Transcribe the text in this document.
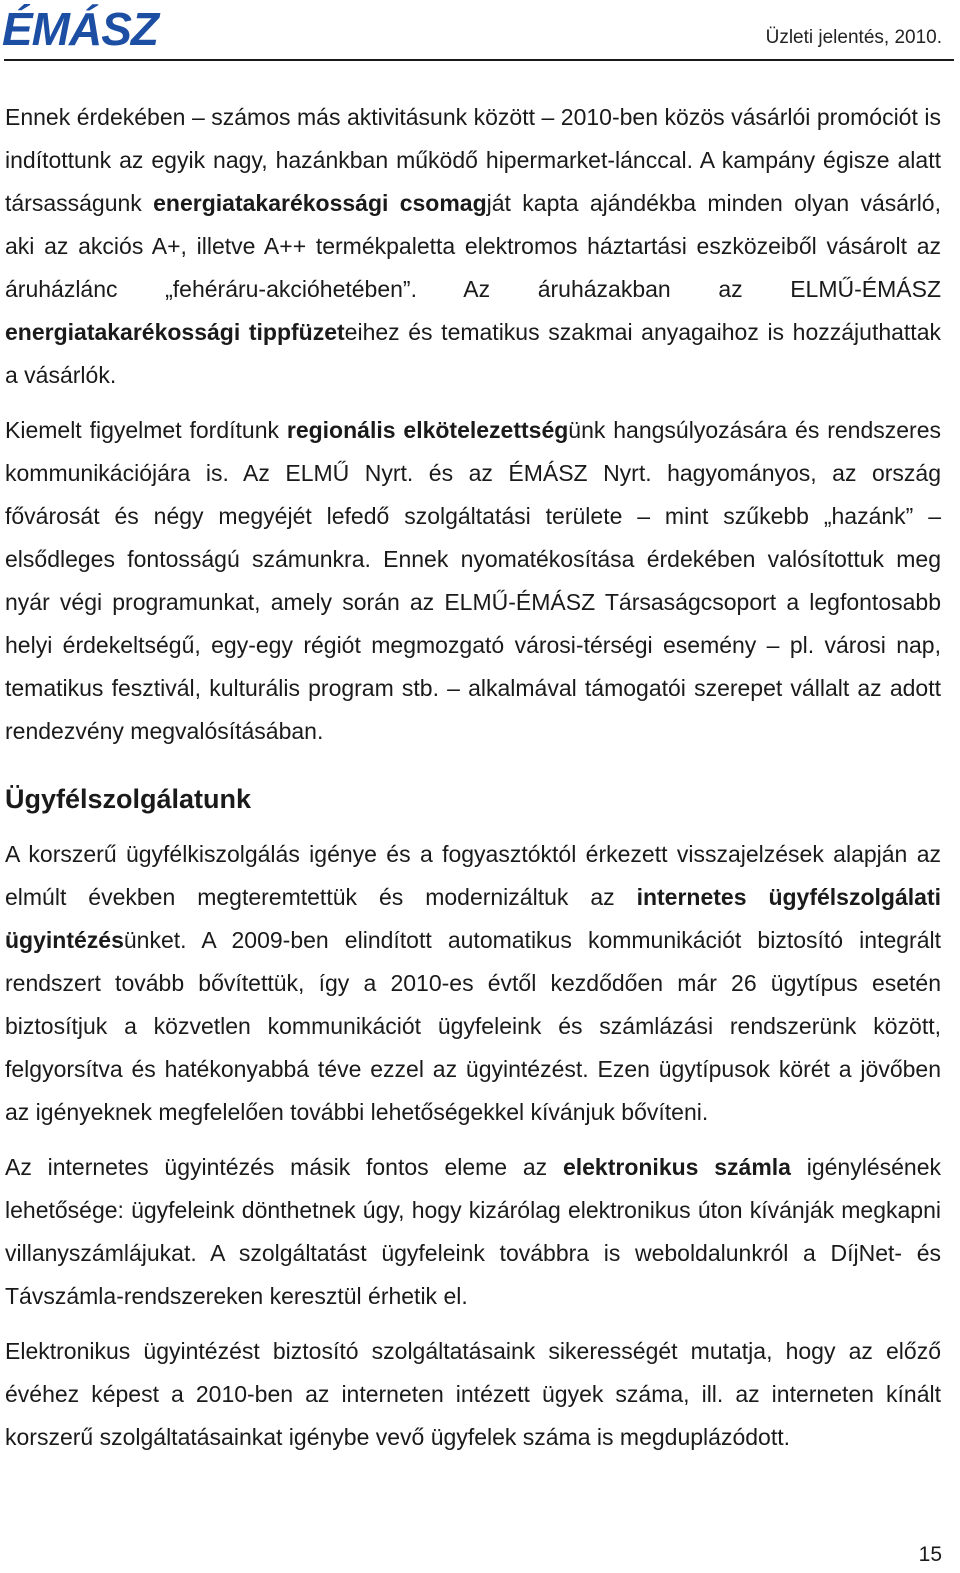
ÉMÁSZ	Üzleti jelentés, 2010.

Ennek érdekében – számos más aktivitásunk között – 2010-ben közös vásárlói promóciót is indítottunk az egyik nagy, hazánkban működő hipermarket-lánccal. A kampány égisze alatt társasságunk energiatakarékossági csomagját kapta ajándékba minden olyan vásárló, aki az akciós A+, illetve A++ termékpaletta elektromos háztartási eszközeiből vásárolt az áruházlánc „fehéráru-akcióhetében”. Az áruházakban az ELMŰ-ÉMÁSZ energiatakarékossági tippfüzeteihez és tematikus szakmai anyagaihoz is hozzájuthattak a vásárlók.

Kiemelt figyelmet fordítunk regionális elkötelezettségünk hangsúlyozására és rendszeres kommunikációjára is. Az ELMŰ Nyrt. és az ÉMÁSZ Nyrt. hagyományos, az ország fővárosát és négy megyéjét lefedő szolgáltatási területe – mint szűkebb „hazánk” – elsődleges fontosságú számunkra. Ennek nyomatékosítása érdekében valósítottuk meg nyár végi programunkat, amely során az ELMŰ-ÉMÁSZ Társaságcsoport a legfontosabb helyi érdekeltségű, egy-egy régiót megmozgató városi-térségi esemény – pl. városi nap, tematikus fesztivál, kulturális program stb. – alkalmával támogatói szerepet vállalt az adott rendezvény megvalósításában.

Ügyfélszolgálatunk

A korszerű ügyfélkiszolgálás igénye és a fogyasztóktól érkezett visszajelzések alapján az elmúlt években megteremtettük és modernizáltuk az internetes ügyfélszolgálati ügyintézésünket. A 2009-ben elindított automatikus kommunikációt biztosító integrált rendszert tovább bővítettük, így a 2010-es évtől kezdődően már 26 ügytípus esetén biztosítjuk a közvetlen kommunikációt ügyfeleink és számlázási rendszerünk között, felgyorsítva és hatékonyabbá téve ezzel az ügyintézést. Ezen ügytípusok körét a jövőben az igényeknek megfelelően további lehetőségekkel kívánjuk bővíteni.

Az internetes ügyintézés másik fontos eleme az elektronikus számla igénylésének lehetősége: ügyfeleink dönthetnek úgy, hogy kizárólag elektronikus úton kívánják megkapni villanyszámlájukat. A szolgáltatást ügyfeleink továbbra is weboldalunkról a DíjNet- és Távszámla-rendszereken keresztül érhetik el.

Elektronikus ügyintézést biztosító szolgáltatásaink sikerességét mutatja, hogy az előző évéhez képest a 2010-ben az interneten intézett ügyek száma, ill. az interneten kínált korszerű szolgáltatásainkat igénybe vevő ügyfelek száma is megduplázódott.

15
